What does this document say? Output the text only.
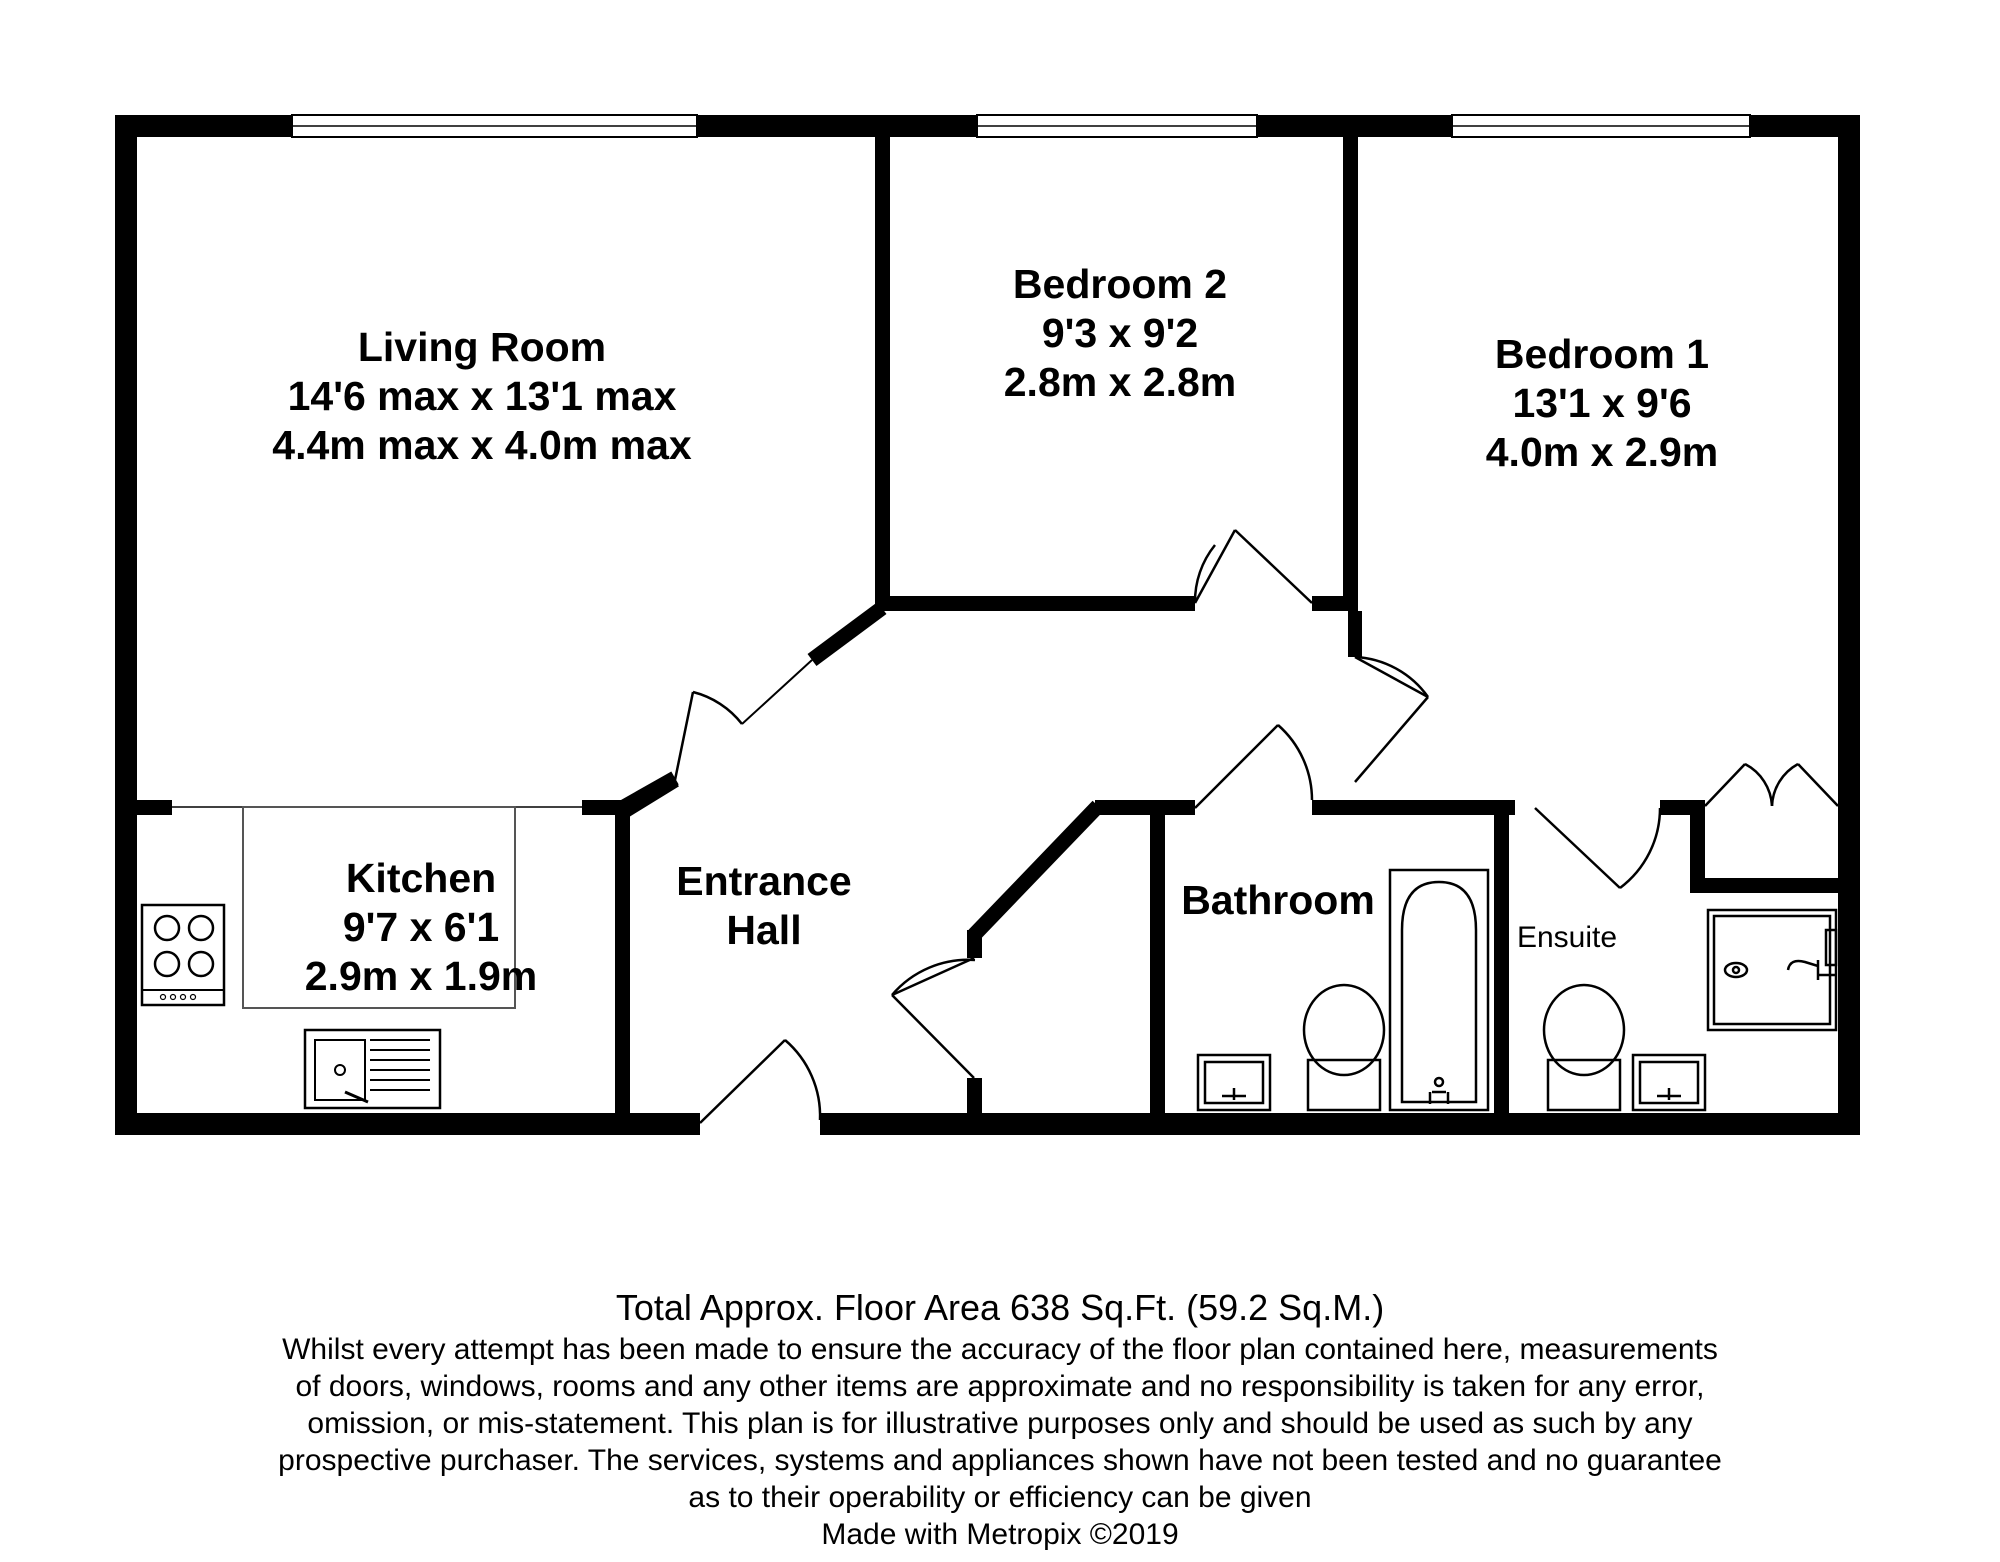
Living Room
14'6 max x 13'1 max
4.4m max x 4.0m max
Bedroom 2
9'3 x 9'2
2.8m x 2.8m
Bedroom 1
13'1 x 9'6
4.0m x 2.9m
Kitchen
9'7 x 6'1
2.9m x 1.9m
Entrance
Hall
Bathroom
Ensuite
Total Approx. Floor Area 638 Sq.Ft. (59.2 Sq.M.)
Whilst every attempt has been made to ensure the accuracy of the floor plan contained here, measurements
of doors, windows, rooms and any other items are approximate and no responsibility is taken for any error,
omission, or mis-statement. This plan is for illustrative purposes only and should be used as such by any
prospective purchaser. The services, systems and appliances shown have not been tested and no guarantee
as to their operability or efficiency can be given
Made with Metropix ©2019
